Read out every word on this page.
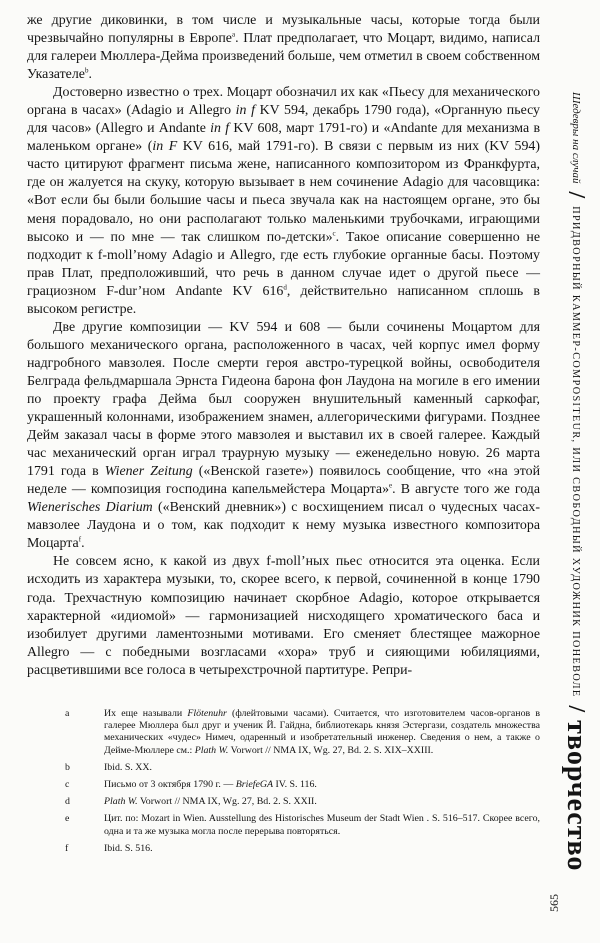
же другие диковинки, в том числе и музыкальные часы, которые тогда были чрезвычайно популярны в Европе$^a$. Плат предполагает, что Моцарт, видимо, написал для галереи Мюллера-Дейма произведений больше, чем отметил в своем собственном Указателе$^b$.

Достоверно известно о трех. Моцарт обозначил их как «Пьесу для механического органа в часах» (Adagio и Allegro in f KV 594, декабрь 1790 года), «Органную пьесу для часов» (Allegro и Andante in f KV 608, март 1791-го) и «Andante для механизма в маленьком органе» (in F KV 616, май 1791-го). В связи с первым из них (KV 594) часто цитируют фрагмент письма жене, написанного композитором из Франкфурта, где он жалуется на скуку, которую вызывает в нем сочинение Adagio для часовщика: «Вот если бы были большие часы и пьеса звучала как на настоящем органе, это бы меня порадовало, но они располагают только маленькими трубочками, играющими высоко и — по мне — так слишком по-детски»$^c$. Такое описание совершенно не подходит к f-moll’ному Adagio и Allegro, где есть глубокие органные басы. Поэтому прав Плат, предположивший, что речь в данном случае идет о другой пьесе — грациозном F-dur’ном Andante KV 616$^d$, действительно написанном сплошь в высоком регистре.

Две другие композиции — KV 594 и 608 — были сочинены Моцартом для большого механического органа, расположенного в часах, чей корпус имел форму надгробного мавзолея. После смерти героя австро-турецкой войны, освободителя Белграда фельдмаршала Эрнста Гидеона барона фон Лаудона на могиле в его имении по проекту графа Дейма был сооружен внушительный каменный саркофаг, украшенный колоннами, изображением знамен, аллегорическими фигурами. Позднее Дейм заказал часы в форме этого мавзолея и выставил их в своей галерее. Каждый час механический орган играл траурную музыку — еженедельно новую. 26 марта 1791 года в Wiener Zeitung («Венской газете») появилось сообщение, что «на этой неделе — композиция господина капельмейстера Моцарта»$^e$. В августе того же года Wienerisches Diarium («Венский дневник») с восхищением писал о чудесных часах-мавзолее Лаудона и о том, как подходит к нему музыка известного композитора Моцарта$^f$.

Не совсем ясно, к какой из двух f-moll’ных пьес относится эта оценка. Если исходить из характера музыки, то, скорее всего, к первой, сочиненной в конце 1790 года. Трехчастную композицию начинает скорбное Adagio, которое открывается характерной «идиомой» — гармонизацией нисходящего хроматического баса и изобилует другими ламентозными мотивами. Его сменяет блестящее мажорное Allegro — с победными возгласами «хора» труб и сияющими юбиляциями, расцветившими все голоса в четырехстрочной партитуре. Репри-

a	Их еще называли Flötenuhr (флейтовыми часами). Считается, что изготовителем часов-органов в галерее Мюллера был друг и ученик Й. Гайдна, библиотекарь князя Эстергази, создатель множества механических «чудес» Нимеч, одаренный и изобретательный инженер. Сведения о нем, а также о Дейме-Мюллере см.: Plath W. Vorwort // NMA IX, Wg. 27, Bd. 2. S. XIX–XXIII.
b	Ibid. S. XX.
c	Письмо от 3 октября 1790 г. — BriefeGA IV. S. 116.
d	Plath W. Vorwort // NMA IX, Wg. 27, Bd. 2. S. XXII.
e	Цит. по: Mozart in Wien. Ausstellung des Historisches Museum der Stadt Wien . S. 516–517. Скорее всего, одна и та же музыка могла после перерыва повторяться.
f	Ibid. S. 516.
Шедевры на случай
/
ПРИДВОРНЫЙ КАММЕР-COMPOSITEUR, ИЛИ СВОБОДНЫЙ ХУДОЖНИК ПОНЕВОЛЕ
/
творчество
565
